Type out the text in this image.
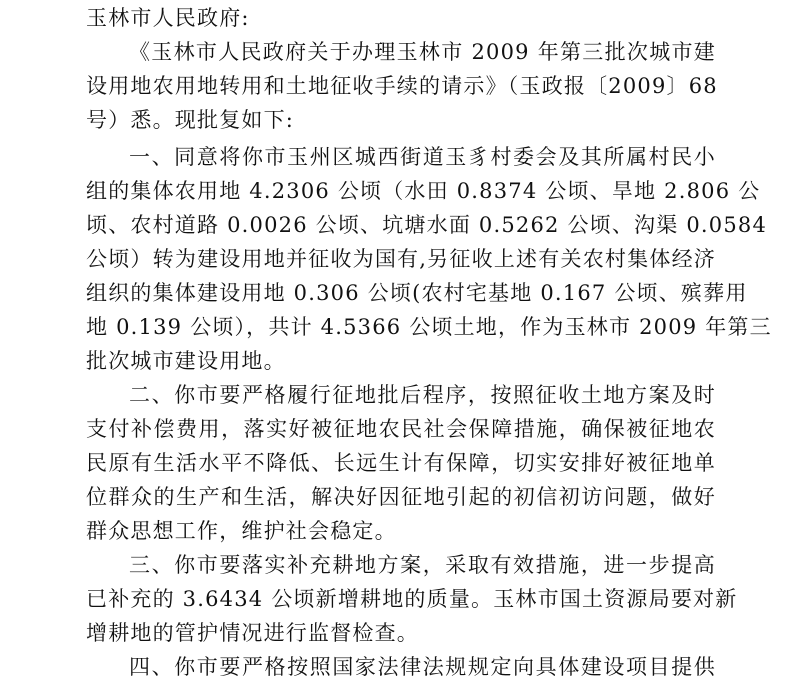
玉林市人民政府:
《玉林市人民政府关于办理玉林市 2009 年第三批次城市建
设用地农用地转用和土地征收手续的请示》（玉政报〔2009〕68
号）悉。现批复如下:
一、同意将你市玉州区城西街道玉豸村委会及其所属村民小
组的集体农用地 4.2306 公顷（水田 0.8374 公顷、旱地 2.806 公
顷、农村道路 0.0026 公顷、坑塘水面 0.5262 公顷、沟渠 0.0584
公顷）转为建设用地并征收为国有,另征收上述有关农村集体经济
组织的集体建设用地 0.306 公顷(农村宅基地 0.167 公顷、殡葬用
地 0.139 公顷），共计 4.5366 公顷土地，作为玉林市 2009 年第三
批次城市建设用地。
二、你市要严格履行征地批后程序，按照征收土地方案及时
支付补偿费用，落实好被征地农民社会保障措施，确保被征地农
民原有生活水平不降低、长远生计有保障，切实安排好被征地单
位群众的生产和生活，解决好因征地引起的初信初访问题，做好
群众思想工作，维护社会稳定。
三、你市要落实补充耕地方案，采取有效措施，进一步提高
已补充的 3.6434 公顷新增耕地的质量。玉林市国土资源局要对新
增耕地的管护情况进行监督检查。
四、你市要严格按照国家法律法规规定向具体建设项目提供
